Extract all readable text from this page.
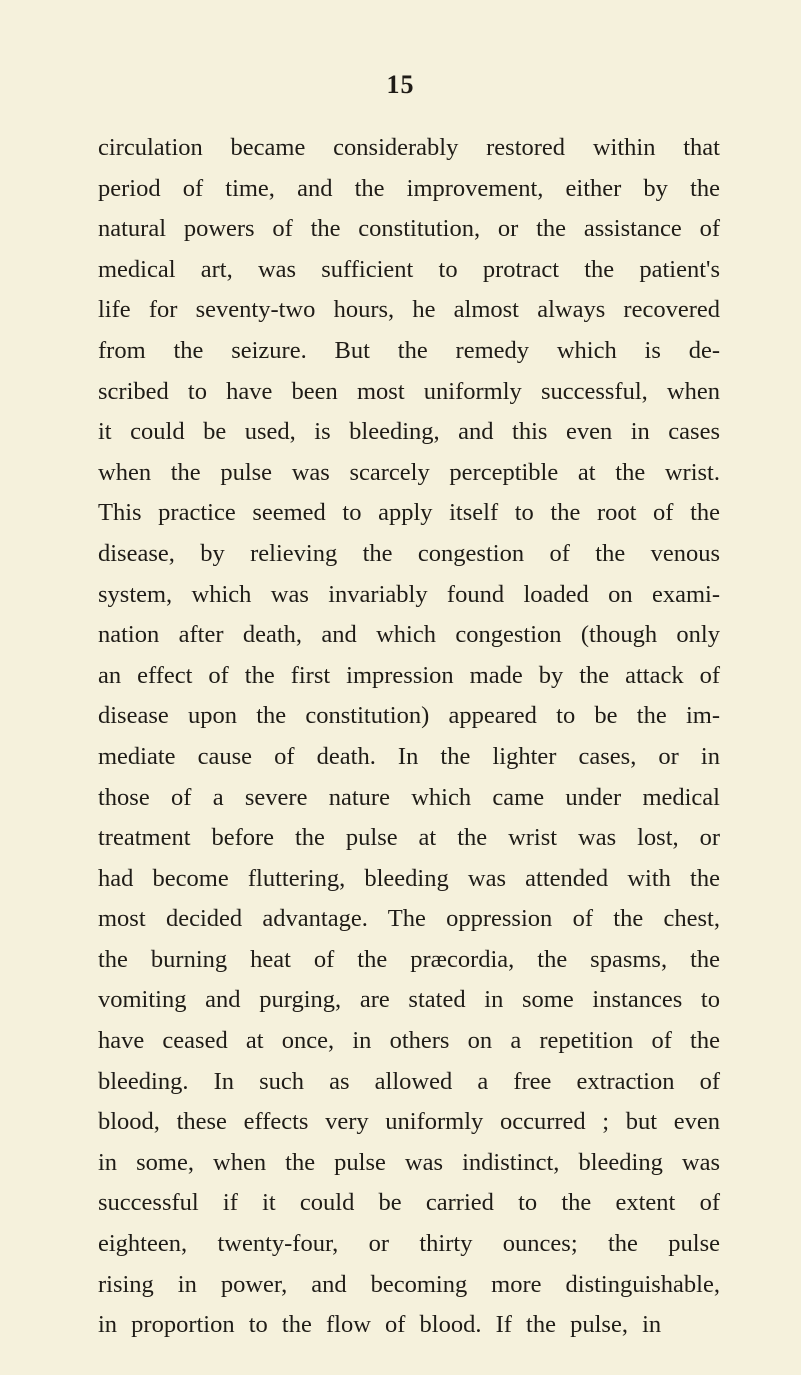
15
circulation became considerably restored within that
period of time, and the improvement, either by the
natural powers of the constitution, or the assistance of
medical art, was sufficient to protract the patient's
life for seventy-two hours, he almost always recovered
from the seizure. But the remedy which is de-
scribed to have been most uniformly successful, when
it could be used, is bleeding, and this even in cases
when the pulse was scarcely perceptible at the wrist.
This practice seemed to apply itself to the root of the
disease, by relieving the congestion of the venous
system, which was invariably found loaded on exami-
nation after death, and which congestion (though only
an effect of the first impression made by the attack of
disease upon the constitution) appeared to be the im-
mediate cause of death. In the lighter cases, or in
those of a severe nature which came under medical
treatment before the pulse at the wrist was lost, or
had become fluttering, bleeding was attended with the
most decided advantage. The oppression of the chest,
the burning heat of the præcordia, the spasms, the
vomiting and purging, are stated in some instances to
have ceased at once, in others on a repetition of the
bleeding. In such as allowed a free extraction of
blood, these effects very uniformly occurred ; but even
in some, when the pulse was indistinct, bleeding was
successful if it could be carried to the extent of
eighteen, twenty-four, or thirty ounces; the pulse
rising in power, and becoming more distinguishable,
in proportion to the flow of blood. If the pulse, in
